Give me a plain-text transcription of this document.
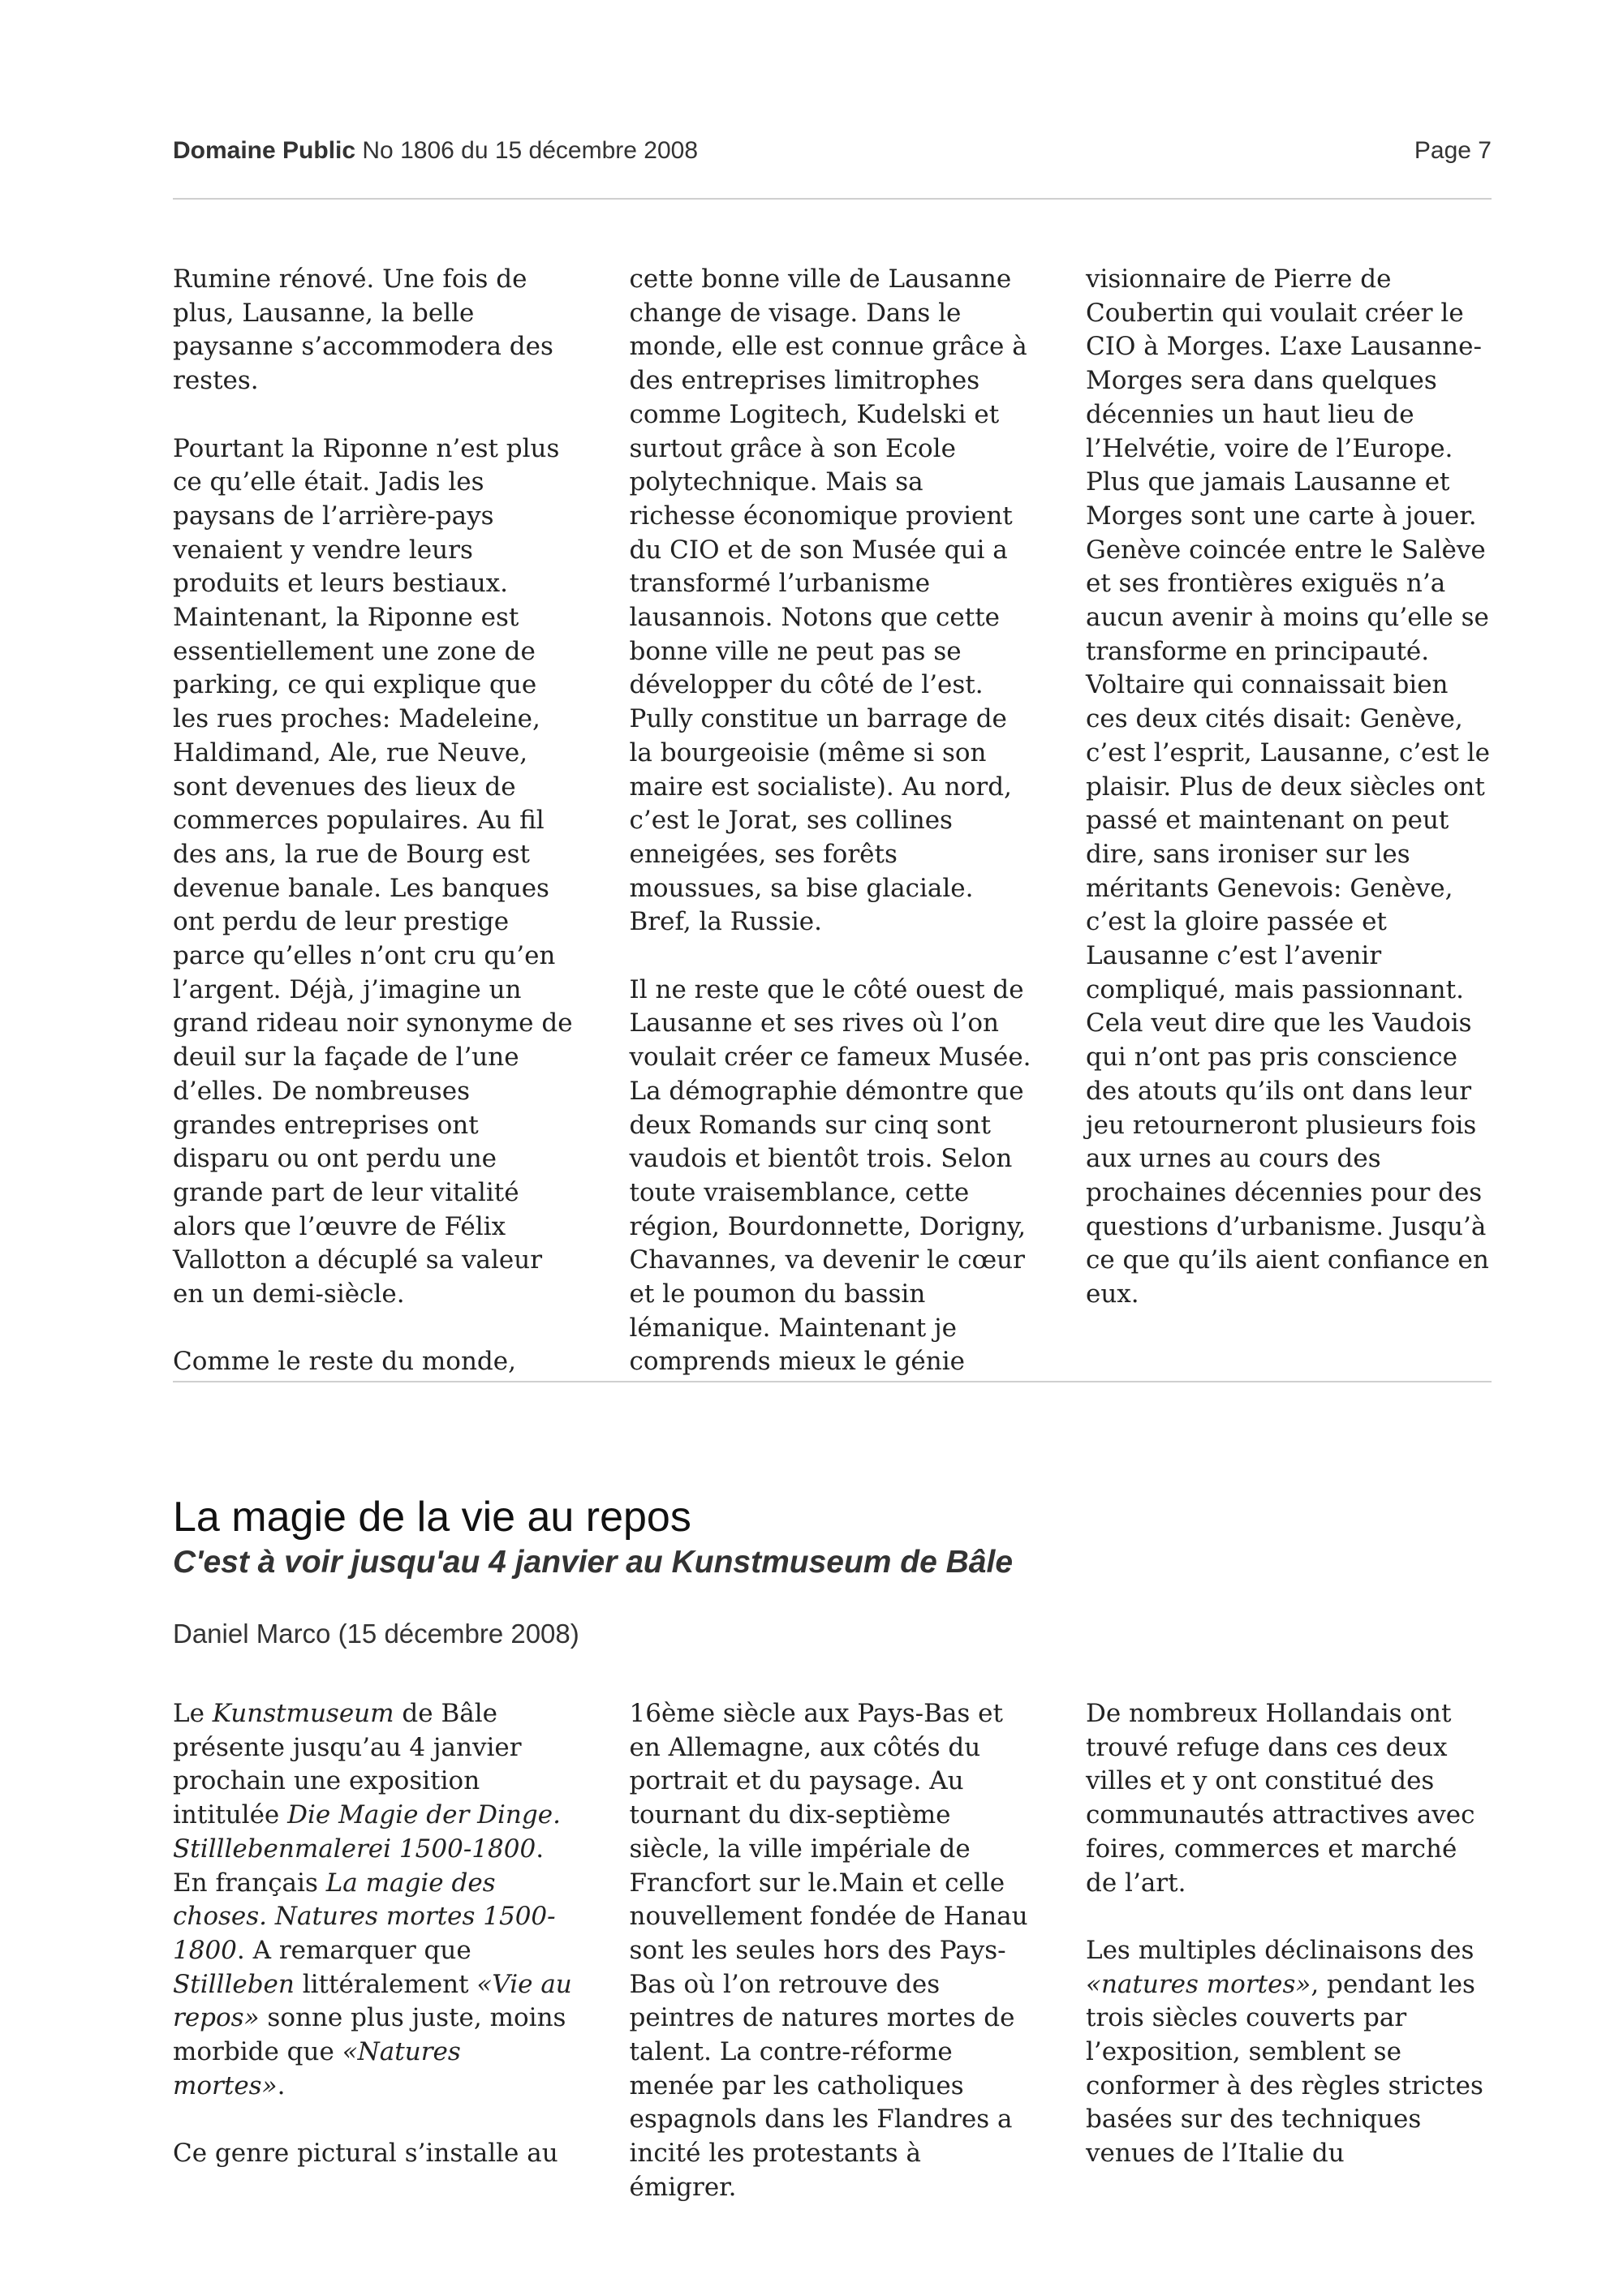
Domaine Public No 1806 du 15 décembre 2008	Page 7

Rumine rénové. Une fois de plus, Lausanne, la belle paysanne s’accommodera des restes.

Pourtant la Riponne n’est plus ce qu’elle était. Jadis les paysans de l’arrière-pays venaient y vendre leurs produits et leurs bestiaux. Maintenant, la Riponne est essentiellement une zone de parking, ce qui explique que les rues proches: Madeleine, Haldimand, Ale, rue Neuve, sont devenues des lieux de commerces populaires. Au fil des ans, la rue de Bourg est devenue banale. Les banques ont perdu de leur prestige parce qu’elles n’ont cru qu’en l’argent. Déjà, j’imagine un grand rideau noir synonyme de deuil sur la façade de l’une d’elles. De nombreuses grandes entreprises ont disparu ou ont perdu une grande part de leur vitalité alors que l’œuvre de Félix Vallotton a décuplé sa valeur en un demi-siècle.

Comme le reste du monde,

cette bonne ville de Lausanne change de visage. Dans le monde, elle est connue grâce à des entreprises limitrophes comme Logitech, Kudelski et surtout grâce à son Ecole polytechnique. Mais sa richesse économique provient du CIO et de son Musée qui a transformé l’urbanisme lausannois. Notons que cette bonne ville ne peut pas se développer du côté de l’est. Pully constitue un barrage de la bourgeoisie (même si son maire est socialiste). Au nord, c’est le Jorat, ses collines enneigées, ses forêts moussues, sa bise glaciale. Bref, la Russie.

Il ne reste que le côté ouest de Lausanne et ses rives où l’on voulait créer ce fameux Musée. La démographie démontre que deux Romands sur cinq sont vaudois et bientôt trois. Selon toute vraisemblance, cette région, Bourdonnette, Dorigny, Chavannes, va devenir le cœur et le poumon du bassin lémanique. Maintenant je comprends mieux le génie

visionnaire de Pierre de Coubertin qui voulait créer le CIO à Morges. L’axe Lausanne-Morges sera dans quelques décennies un haut lieu de l’Helvétie, voire de l’Europe. Plus que jamais Lausanne et Morges sont une carte à jouer. Genève coincée entre le Salève et ses frontières exiguës n’a aucun avenir à moins qu’elle se transforme en principauté. Voltaire qui connaissait bien ces deux cités disait: Genève, c’est l’esprit, Lausanne, c’est le plaisir. Plus de deux siècles ont passé et maintenant on peut dire, sans ironiser sur les méritants Genevois: Genève, c’est la gloire passée et Lausanne c’est l’avenir compliqué, mais passionnant. Cela veut dire que les Vaudois qui n’ont pas pris conscience des atouts qu’ils ont dans leur jeu retourneront plusieurs fois aux urnes au cours des prochaines décennies pour des questions d’urbanisme. Jusqu’à ce que qu’ils aient confiance en eux.

La magie de la vie au repos
C'est à voir jusqu'au 4 janvier au Kunstmuseum de Bâle

Daniel Marco (15 décembre 2008)

Le Kunstmuseum de Bâle présente jusqu’au 4 janvier prochain une exposition intitulée Die Magie der Dinge. Stilllebenmalerei 1500-1800. En français La magie des choses. Natures mortes 1500-1800. A remarquer que Stillleben littéralement «Vie au repos» sonne plus juste, moins morbide que «Natures mortes».

Ce genre pictural s’installe au

16ème siècle aux Pays-Bas et en Allemagne, aux côtés du portrait et du paysage. Au tournant du dix-septième siècle, la ville impériale de Francfort sur le.Main et celle nouvellement fondée de Hanau sont les seules hors des Pays-Bas où l’on retrouve des peintres de natures mortes de talent. La contre-réforme menée par les catholiques espagnols dans les Flandres a incité les protestants à émigrer.

De nombreux Hollandais ont trouvé refuge dans ces deux villes et y ont constitué des communautés attractives avec foires, commerces et marché de l’art.

Les multiples déclinaisons des «natures mortes», pendant les trois siècles couverts par l’exposition, semblent se conformer à des règles strictes basées sur des techniques venues de l’Italie du
